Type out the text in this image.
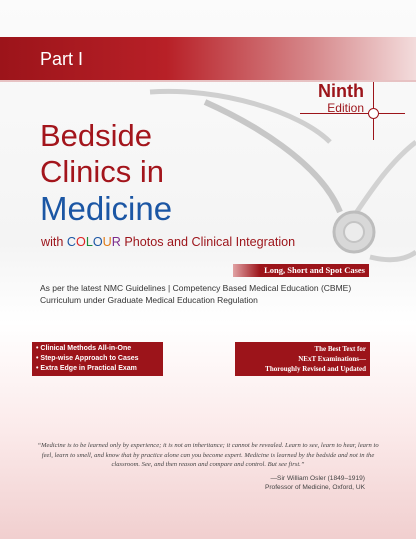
Part I
Ninth
Edition
Bedside
Clinics in
Medicine
with COLOUR Photos and Clinical Integration
Long, Short and Spot Cases
As per the latest NMC Guidelines | Competency Based Medical Education (CBME)
Curriculum under Graduate Medical Education Regulation
• Clinical Methods All-in-One
• Step-wise Approach to Cases
• Extra Edge in Practical Exam
The Best Text for
NExT Examinations—
Thoroughly Revised and Updated
“Medicine is to be learned only by experience; it is not an inheritance; it cannot be revealed. Learn to see, learn to hear, learn to feel, learn to smell, and know that by practice alone can you become expert. Medicine is learned by the bedside and not in the classroom. See, and then reason and compare and control. But see first.”
—Sir William Osler (1849–1919)
Professor of Medicine, Oxford, UK
